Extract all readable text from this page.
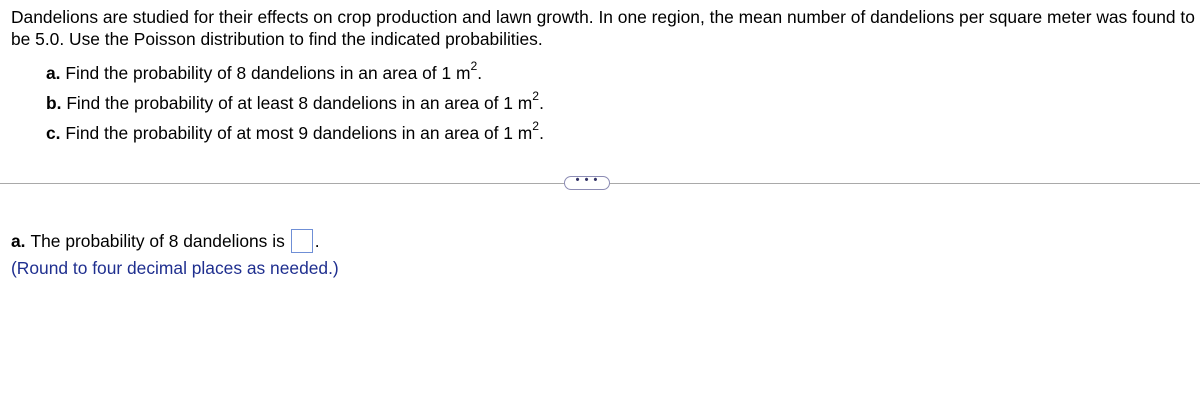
Dandelions are studied for their effects on crop production and lawn growth. In one region, the mean number of dandelions per square meter was found to be 5.0. Use the Poisson distribution to find the indicated probabilities.

a. Find the probability of 8 dandelions in an area of 1 $m^2$.
b. Find the probability of at least 8 dandelions in an area of 1 $m^2$.
c. Find the probability of at most 9 dandelions in an area of 1 $m^2$.
• • •
a. The probability of 8 dandelions is .
(Round to four decimal places as needed.)
